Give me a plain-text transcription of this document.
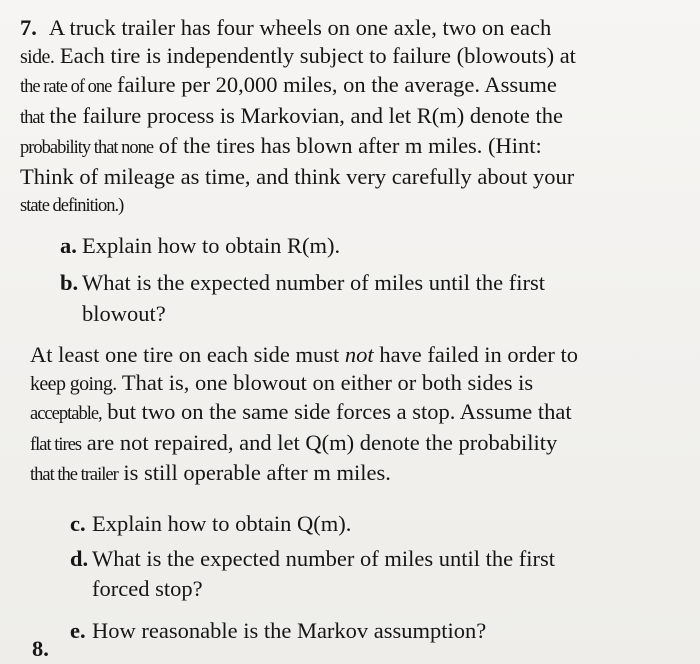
7. A truck trailer has four wheels on one axle, two on each
side. Each tire is independently subject to failure (blowouts) at
the rate of one failure per 20,000 miles, on the average. Assume
that the failure process is Markovian, and let R(m) denote the
probability that none of the tires has blown after m miles. (Hint:
Think of mileage as time, and think very carefully about your
state definition.)
a. Explain how to obtain R(m).
b. What is the expected number of miles until the first
blowout?
At least one tire on each side must not have failed in order to
keep going. That is, one blowout on either or both sides is
acceptable, but two on the same side forces a stop. Assume that
flat tires are not repaired, and let Q(m) denote the probability
that the trailer is still operable after m miles.
c. Explain how to obtain Q(m).
d. What is the expected number of miles until the first
forced stop?
e. How reasonable is the Markov assumption?
8.
